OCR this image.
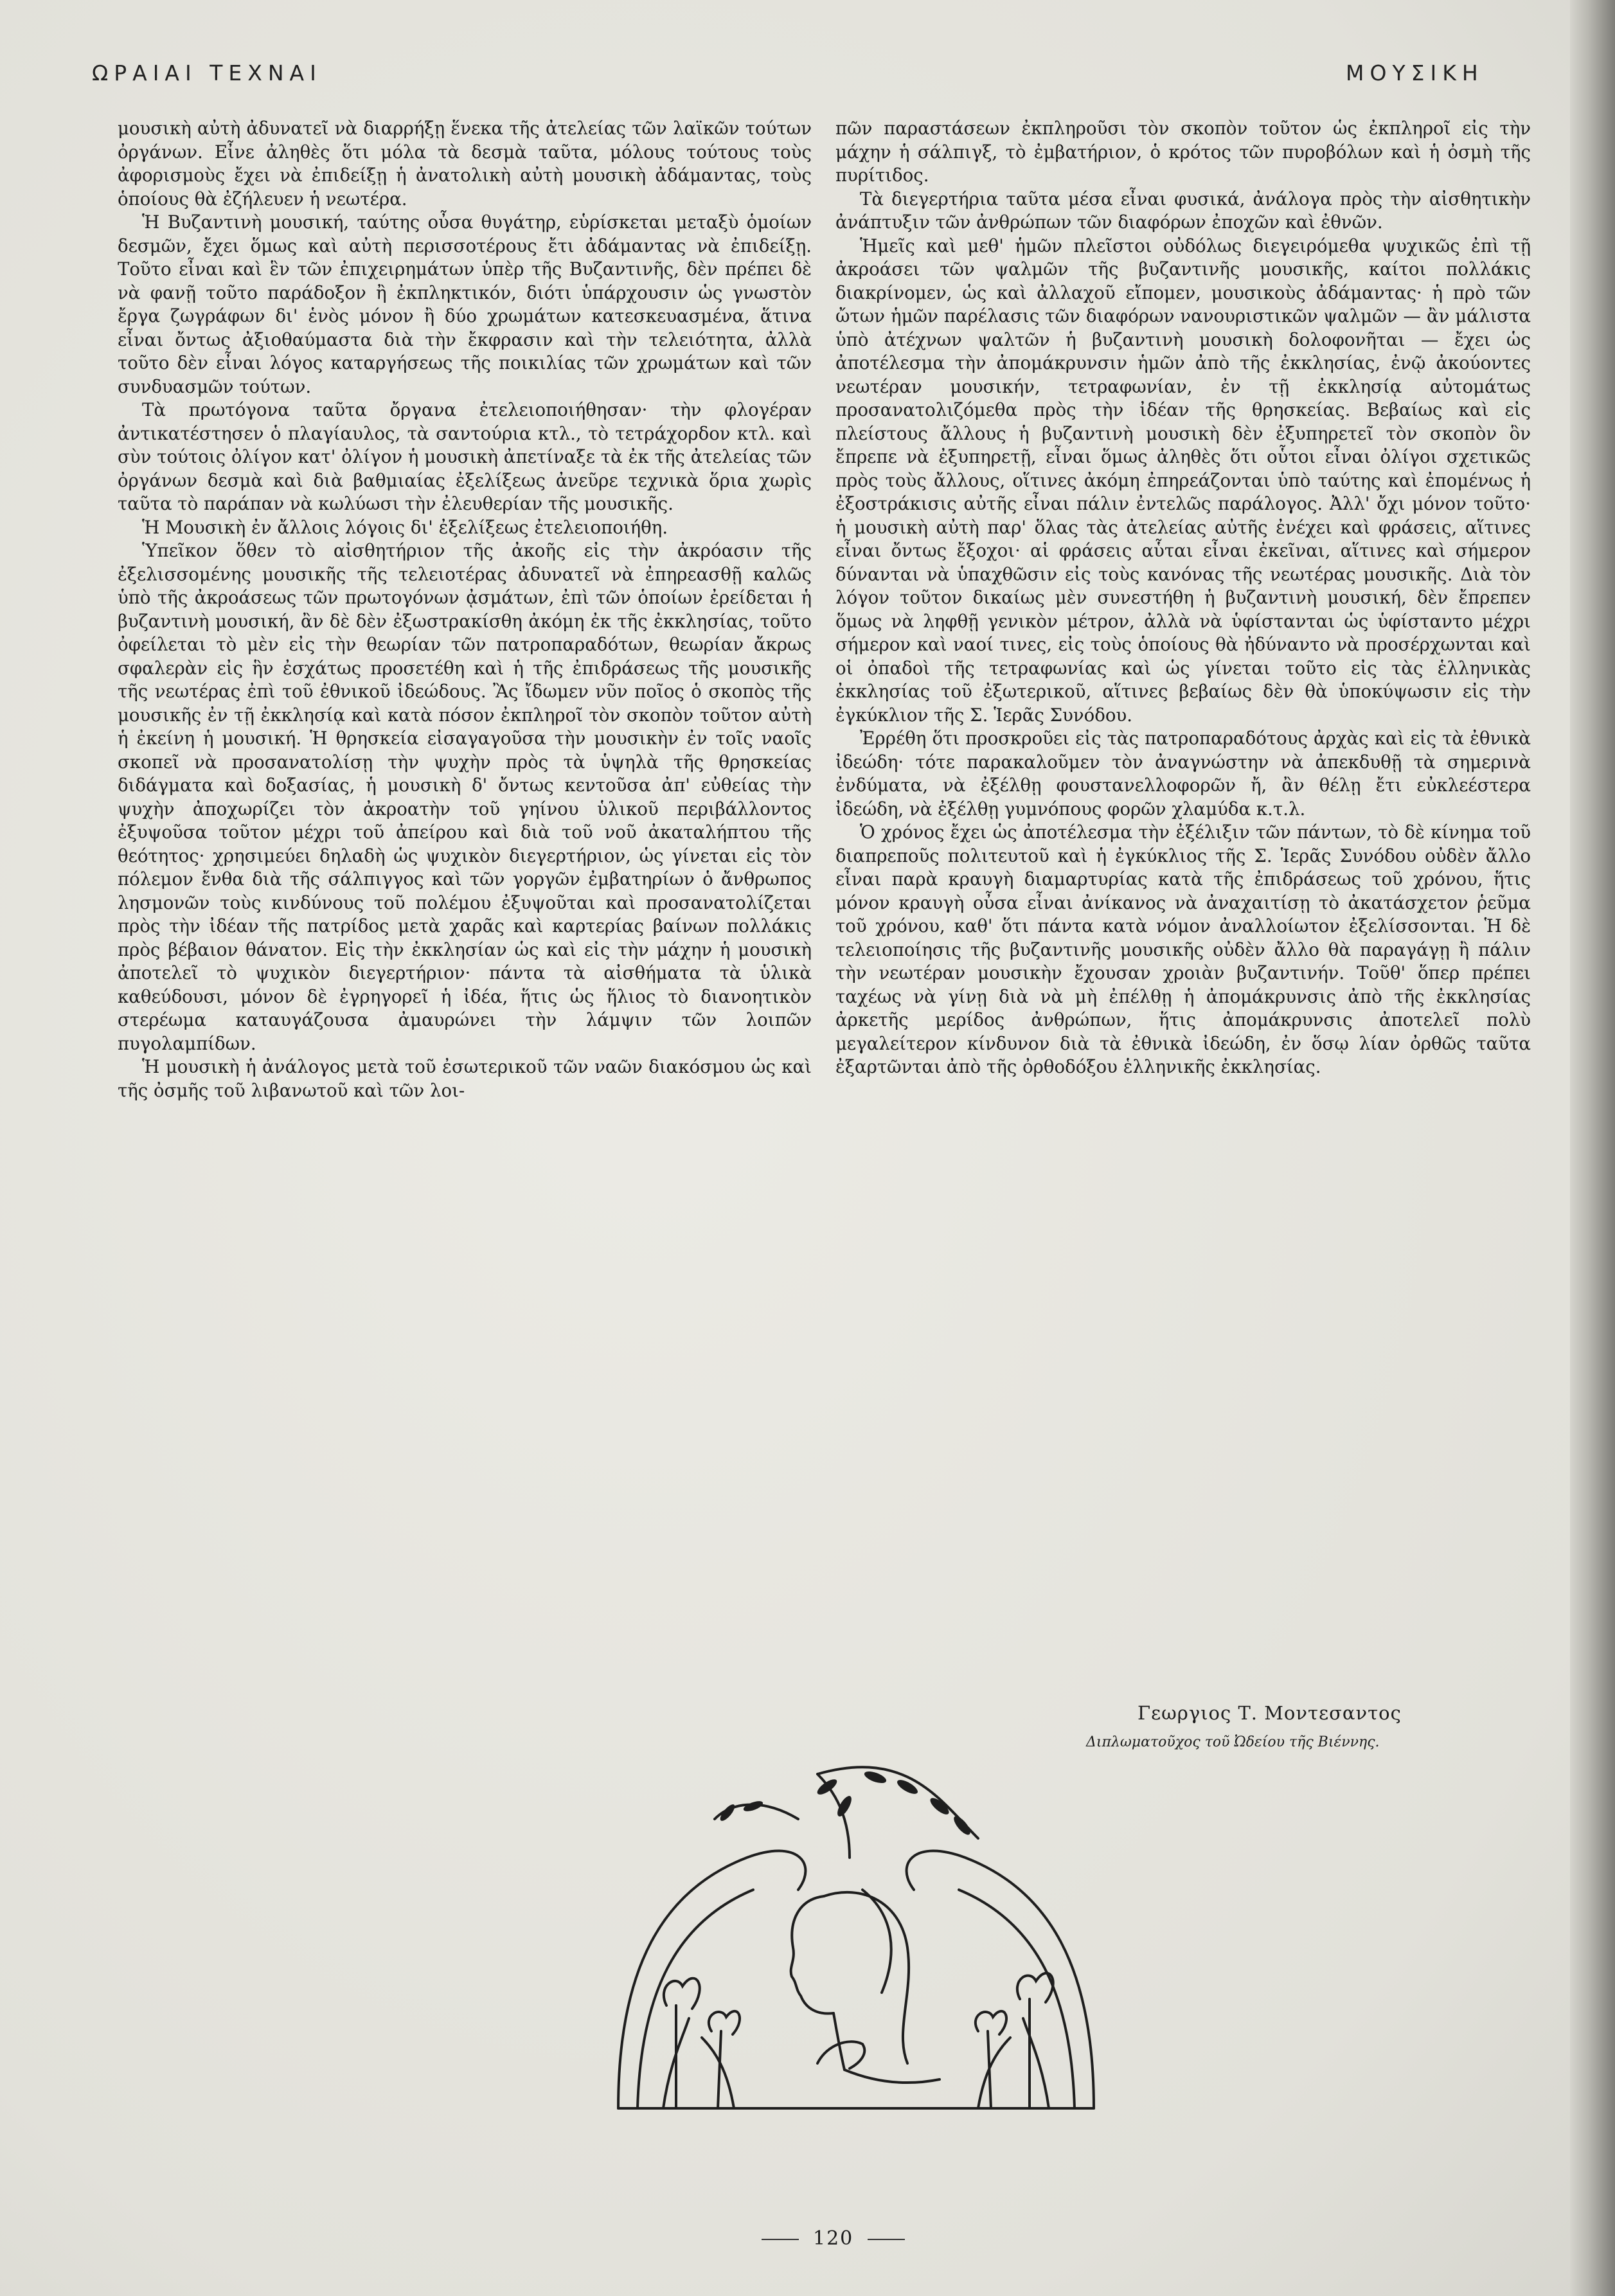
ΩΡΑΙΑΙ ΤΕΧΝΑΙ	ΜΟΥΣΙΚΗ

μουσικὴ αὐτὴ ἀδυνατεῖ νὰ διαρρήξῃ ἕνεκα τῆς ἀτελείας τῶν λαϊκῶν τούτων ὀργάνων. Εἶνε ἀληθὲς ὅτι μόλα τὰ δεσμὰ ταῦτα, μόλους τούτους τοὺς ἀφορισμοὺς ἔχει νὰ ἐπιδείξῃ ἡ ἀνατολικὴ αὐτὴ μουσικὴ ἀδάμαντας, τοὺς ὁποίους θὰ ἐζήλευεν ἡ νεωτέρα.

Ἡ Βυζαντινὴ μουσική, ταύτης οὖσα θυγάτηρ, εὑρίσκεται μεταξὺ ὁμοίων δεσμῶν, ἔχει ὅμως καὶ αὐτὴ περισσοτέρους ἔτι ἀδάμαντας νὰ ἐπιδείξῃ. Τοῦτο εἶναι καὶ ἓν τῶν ἐπιχειρημάτων ὑπὲρ τῆς Βυζαντινῆς, δὲν πρέπει δὲ νὰ φανῇ τοῦτο παράδοξον ἢ ἐκπληκτικόν, διότι ὑπάρχουσιν ὡς γνωστὸν ἔργα ζωγράφων δι' ἑνὸς μόνον ἢ δύο χρωμάτων κατεσκευασμένα, ἅτινα εἶναι ὄντως ἀξιοθαύμαστα διὰ τὴν ἔκφρασιν καὶ τὴν τελειότητα, ἀλλὰ τοῦτο δὲν εἶναι λόγος καταργήσεως τῆς ποικιλίας τῶν χρωμάτων καὶ τῶν συνδυασμῶν τούτων.

Τὰ πρωτόγονα ταῦτα ὄργανα ἐτελειοποιήθησαν· τὴν φλογέραν ἀντικατέστησεν ὁ πλαγίαυλος, τὰ σαντούρια κτλ., τὸ τετράχορδον κτλ. καὶ σὺν τούτοις ὀλίγον κατ' ὀλίγον ἡ μουσικὴ ἀπετίναξε τὰ ἐκ τῆς ἀτελείας τῶν ὀργάνων δεσμὰ καὶ διὰ βαθμιαίας ἐξελίξεως ἀνεῦρε τεχνικὰ ὅρια χωρὶς ταῦτα τὸ παράπαν νὰ κωλύωσι τὴν ἐλευθερίαν τῆς μουσικῆς.

Ἡ Μουσικὴ ἐν ἄλλοις λόγοις δι' ἐξελίξεως ἐτελειοποιήθη.

Ὑπεῖκον ὅθεν τὸ αἰσθητήριον τῆς ἀκοῆς εἰς τὴν ἀκρόασιν τῆς ἐξελισσομένης μουσικῆς τῆς τελειοτέρας ἀδυνατεῖ νὰ ἐπηρεασθῇ καλῶς ὑπὸ τῆς ἀκροάσεως τῶν πρωτογόνων ᾀσμάτων, ἐπὶ τῶν ὁποίων ἐρείδεται ἡ βυζαντινὴ μουσική, ἂν δὲ δὲν ἐξωστρακίσθη ἀκόμη ἐκ τῆς ἐκκλησίας, τοῦτο ὀφείλεται τὸ μὲν εἰς τὴν θεωρίαν τῶν πατροπαραδότων, θεωρίαν ἄκρως σφαλερὰν εἰς ἣν ἐσχάτως προσετέθη καὶ ἡ τῆς ἐπιδράσεως τῆς μουσικῆς τῆς νεωτέρας ἐπὶ τοῦ ἐθνικοῦ ἰδεώδους. Ἂς ἴδωμεν νῦν ποῖος ὁ σκοπὸς τῆς μουσικῆς ἐν τῇ ἐκκλησίᾳ καὶ κατὰ πόσον ἐκπληροῖ τὸν σκοπὸν τοῦτον αὐτὴ ἡ ἐκείνη ἡ μουσική. Ἡ θρησκεία εἰσαγαγοῦσα τὴν μουσικὴν ἐν τοῖς ναοῖς σκοπεῖ νὰ προσανατολίσῃ τὴν ψυχὴν πρὸς τὰ ὑψηλὰ τῆς θρησκείας διδάγματα καὶ δοξασίας, ἡ μουσικὴ δ' ὄντως κεντοῦσα ἀπ' εὐθείας τὴν ψυχὴν ἀποχωρίζει τὸν ἀκροατὴν τοῦ γηίνου ὑλικοῦ περιβάλλοντος ἐξυψοῦσα τοῦτον μέχρι τοῦ ἀπείρου καὶ διὰ τοῦ νοῦ ἀκαταλήπτου τῆς θεότητος· χρησιμεύει δηλαδὴ ὡς ψυχικὸν διεγερτήριον, ὡς γίνεται εἰς τὸν πόλεμον ἔνθα διὰ τῆς σάλπιγγος καὶ τῶν γοργῶν ἐμβατηρίων ὁ ἄνθρωπος λησμονῶν τοὺς κινδύνους τοῦ πολέμου ἐξυψοῦται καὶ προσανατολίζεται πρὸς τὴν ἰδέαν τῆς πατρίδος μετὰ χαρᾶς καὶ καρτερίας βαίνων πολλάκις πρὸς βέβαιον θάνατον. Εἰς τὴν ἐκκλησίαν ὡς καὶ εἰς τὴν μάχην ἡ μουσικὴ ἀποτελεῖ τὸ ψυχικὸν διεγερτήριον· πάντα τὰ αἰσθήματα τὰ ὑλικὰ καθεύδουσι, μόνον δὲ ἐγρηγορεῖ ἡ ἰδέα, ἥτις ὡς ἥλιος τὸ διανοητικὸν στερέωμα καταυγάζουσα ἀμαυρώνει τὴν λάμψιν τῶν λοιπῶν πυγολαμπίδων.

Ἡ μουσικὴ ἡ ἀνάλογος μετὰ τοῦ ἐσωτερικοῦ τῶν ναῶν διακόσμου ὡς καὶ τῆς ὀσμῆς τοῦ λιβανωτοῦ καὶ τῶν λοι-

πῶν παραστάσεων ἐκπληροῦσι τὸν σκοπὸν τοῦτον ὡς ἐκπληροῖ εἰς τὴν μάχην ἡ σάλπιγξ, τὸ ἐμβατήριον, ὁ κρότος τῶν πυροβόλων καὶ ἡ ὀσμὴ τῆς πυρίτιδος.

Τὰ διεγερτήρια ταῦτα μέσα εἶναι φυσικά, ἀνάλογα πρὸς τὴν αἰσθητικὴν ἀνάπτυξιν τῶν ἀνθρώπων τῶν διαφόρων ἐποχῶν καὶ ἐθνῶν.

Ἡμεῖς καὶ μεθ' ἡμῶν πλεῖστοι οὐδόλως διεγειρόμεθα ψυχικῶς ἐπὶ τῇ ἀκροάσει τῶν ψαλμῶν τῆς βυζαντινῆς μουσικῆς, καίτοι πολλάκις διακρίνομεν, ὡς καὶ ἀλλαχοῦ εἴπομεν, μουσικοὺς ἀδάμαντας· ἡ πρὸ τῶν ὤτων ἡμῶν παρέλασις τῶν διαφόρων νανουριστικῶν ψαλμῶν — ἂν μάλιστα ὑπὸ ἀτέχνων ψαλτῶν ἡ βυζαντινὴ μουσικὴ δολοφονῆται — ἔχει ὡς ἀποτέλεσμα τὴν ἀπομάκρυνσιν ἡμῶν ἀπὸ τῆς ἐκκλησίας, ἐνῷ ἀκούοντες νεωτέραν μουσικήν, τετραφωνίαν, ἐν τῇ ἐκκλησίᾳ αὐτομάτως προσανατολιζόμεθα πρὸς τὴν ἰδέαν τῆς θρησκείας. Βεβαίως καὶ εἰς πλείστους ἄλλους ἡ βυζαντινὴ μουσικὴ δὲν ἐξυπηρετεῖ τὸν σκοπὸν ὃν ἔπρεπε νὰ ἐξυπηρετῇ, εἶναι ὅμως ἀληθὲς ὅτι οὗτοι εἶναι ὀλίγοι σχετικῶς πρὸς τοὺς ἄλλους, οἵτινες ἀκόμη ἐπηρεάζονται ὑπὸ ταύτης καὶ ἐπομένως ἡ ἐξοστράκισις αὐτῆς εἶναι πάλιν ἐντελῶς παράλογος. Ἀλλ' ὄχι μόνον τοῦτο· ἡ μουσικὴ αὐτὴ παρ' ὅλας τὰς ἀτελείας αὐτῆς ἐνέχει καὶ φράσεις, αἵτινες εἶναι ὄντως ἔξοχοι· αἱ φράσεις αὗται εἶναι ἐκεῖναι, αἵτινες καὶ σήμερον δύνανται νὰ ὑπαχθῶσιν εἰς τοὺς κανόνας τῆς νεωτέρας μουσικῆς. Διὰ τὸν λόγον τοῦτον δικαίως μὲν συνεστήθη ἡ βυζαντινὴ μουσική, δὲν ἔπρεπεν ὅμως νὰ ληφθῇ γενικὸν μέτρον, ἀλλὰ νὰ ὑφίστανται ὡς ὑφίσταντο μέχρι σήμερον καὶ ναοί τινες, εἰς τοὺς ὁποίους θὰ ἠδύναντο νὰ προσέρχωνται καὶ οἱ ὀπαδοὶ τῆς τετραφωνίας καὶ ὡς γίνεται τοῦτο εἰς τὰς ἑλληνικὰς ἐκκλησίας τοῦ ἐξωτερικοῦ, αἵτινες βεβαίως δὲν θὰ ὑποκύψωσιν εἰς τὴν ἐγκύκλιον τῆς Σ. Ἱερᾶς Συνόδου.

Ἐρρέθη ὅτι προσκροῦει εἰς τὰς πατροπαραδότους ἀρχὰς καὶ εἰς τὰ ἐθνικὰ ἰδεώδη· τότε παρακαλοῦμεν τὸν ἀναγνώστην νὰ ἀπεκδυθῇ τὰ σημερινὰ ἐνδύματα, νὰ ἐξέλθῃ φουστανελλοφορῶν ἤ, ἂν θέλῃ ἔτι εὐκλεέστερα ἰδεώδη, νὰ ἐξέλθῃ γυμνόπους φορῶν χλαμύδα κ.τ.λ.

Ὁ χρόνος ἔχει ὡς ἀποτέλεσμα τὴν ἐξέλιξιν τῶν πάντων, τὸ δὲ κίνημα τοῦ διαπρεποῦς πολιτευτοῦ καὶ ἡ ἐγκύκλιος τῆς Σ. Ἱερᾶς Συνόδου οὐδὲν ἄλλο εἶναι παρὰ κραυγὴ διαμαρτυρίας κατὰ τῆς ἐπιδράσεως τοῦ χρόνου, ἥτις μόνον κραυγὴ οὖσα εἶναι ἀνίκανος νὰ ἀναχαιτίσῃ τὸ ἀκατάσχετον ῥεῦμα τοῦ χρόνου, καθ' ὅτι πάντα κατὰ νόμον ἀναλλοίωτον ἐξελίσσονται. Ἡ δὲ τελειοποίησις τῆς βυζαντινῆς μουσικῆς οὐδὲν ἄλλο θὰ παραγάγῃ ἢ πάλιν τὴν νεωτέραν μουσικὴν ἔχουσαν χροιὰν βυζαντινήν. Τοῦθ' ὅπερ πρέπει ταχέως νὰ γίνῃ διὰ νὰ μὴ ἐπέλθῃ ἡ ἀπομάκρυνσις ἀπὸ τῆς ἐκκλησίας ἀρκετῆς μερίδος ἀνθρώπων, ἥτις ἀπομάκρυνσις ἀποτελεῖ πολὺ μεγαλείτερον κίνδυνον διὰ τὰ ἐθνικὰ ἰδεώδη, ἐν ὅσῳ λίαν ὀρθῶς ταῦτα ἐξαρτῶνται ἀπὸ τῆς ὀρθοδόξου ἑλληνικῆς ἐκκλησίας.

Γεωργιος Τ. Μοντεσαντος
Διπλωματοῦχος τοῦ Ὠδείου τῆς Βιέννης.
120
